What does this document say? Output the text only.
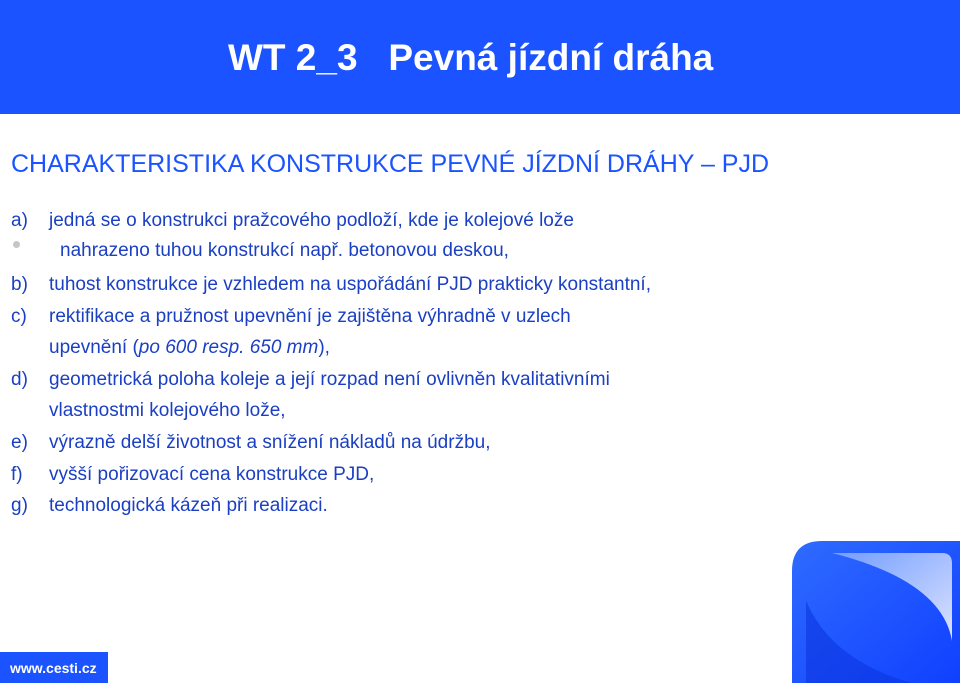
WT 2_3   Pevná jízdní dráha
CHARAKTERISTIKA KONSTRUKCE PEVNÉ JÍZDNÍ DRÁHY – PJD
a) jedná se o konstrukci pražcového podloží, kde je kolejové lože
nahrazeno tuhou konstrukcí např. betonovou deskou,
b) tuhost konstrukce je vzhledem na uspořádání PJD prakticky konstantní,
c) rektifikace a pružnost upevnění je zajištěna výhradně v uzlech
upevnění (po 600 resp. 650 mm),
d) geometrická poloha koleje a její rozpad není ovlivněn kvalitativními
vlastnostmi kolejového lože,
e) výrazně delší životnost a snížení nákladů na údržbu,
f) vyšší pořizovací cena konstrukce PJD,
g) technologická kázeň při realizaci.
www.cesti.cz
